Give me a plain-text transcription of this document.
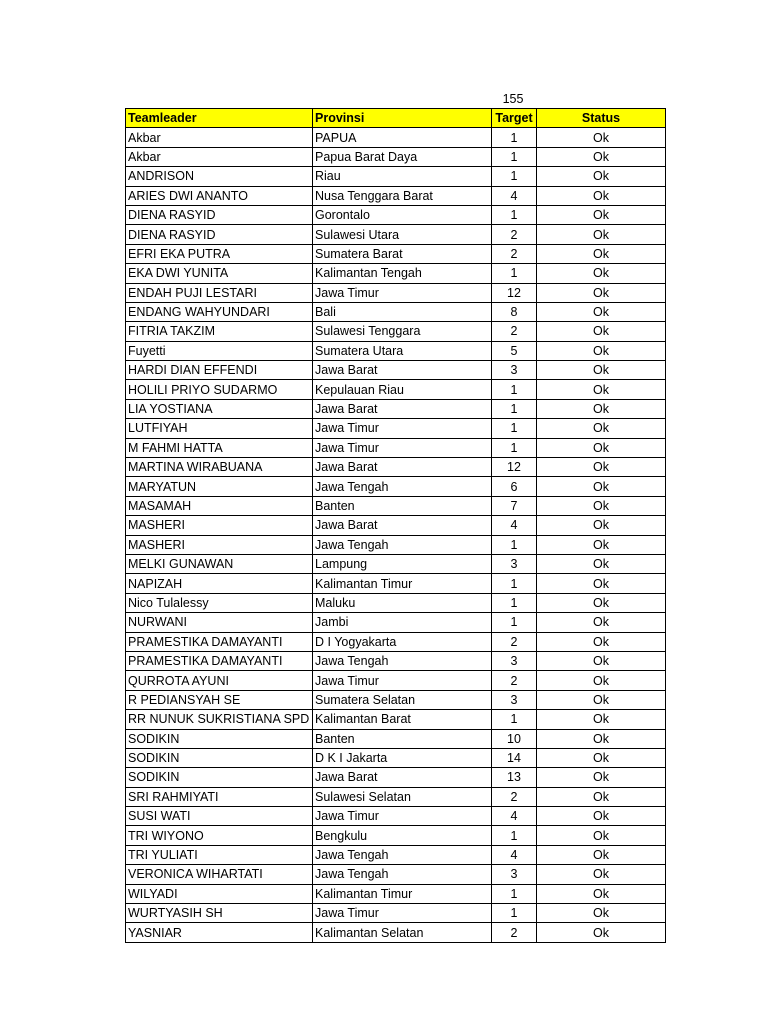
155
Teamleader	Provinsi	Target	Status
Akbar	PAPUA	1	Ok
Akbar	Papua Barat Daya	1	Ok
ANDRISON	Riau	1	Ok
ARIES DWI ANANTO	Nusa Tenggara Barat	4	Ok
DIENA RASYID	Gorontalo	1	Ok
DIENA RASYID	Sulawesi Utara	2	Ok
EFRI EKA PUTRA	Sumatera Barat	2	Ok
EKA DWI YUNITA	Kalimantan Tengah	1	Ok
ENDAH PUJI LESTARI	Jawa Timur	12	Ok
ENDANG WAHYUNDARI	Bali	8	Ok
FITRIA TAKZIM	Sulawesi Tenggara	2	Ok
Fuyetti	Sumatera Utara	5	Ok
HARDI DIAN EFFENDI	Jawa Barat	3	Ok
HOLILI PRIYO SUDARMO	Kepulauan Riau	1	Ok
LIA YOSTIANA	Jawa Barat	1	Ok
LUTFIYAH	Jawa Timur	1	Ok
M FAHMI HATTA	Jawa Timur	1	Ok
MARTINA WIRABUANA	Jawa Barat	12	Ok
MARYATUN	Jawa Tengah	6	Ok
MASAMAH	Banten	7	Ok
MASHERI	Jawa Barat	4	Ok
MASHERI	Jawa Tengah	1	Ok
MELKI GUNAWAN	Lampung	3	Ok
NAPIZAH	Kalimantan Timur	1	Ok
Nico Tulalessy	Maluku	1	Ok
NURWANI	Jambi	1	Ok
PRAMESTIKA DAMAYANTI	D I Yogyakarta	2	Ok
PRAMESTIKA DAMAYANTI	Jawa Tengah	3	Ok
QURROTA AYUNI	Jawa Timur	2	Ok
R PEDIANSYAH SE	Sumatera Selatan	3	Ok
RR NUNUK SUKRISTIANA SPD	Kalimantan Barat	1	Ok
SODIKIN	Banten	10	Ok
SODIKIN	D K I Jakarta	14	Ok
SODIKIN	Jawa Barat	13	Ok
SRI RAHMIYATI	Sulawesi Selatan	2	Ok
SUSI WATI	Jawa Timur	4	Ok
TRI WIYONO	Bengkulu	1	Ok
TRI YULIATI	Jawa Tengah	4	Ok
VERONICA WIHARTATI	Jawa Tengah	3	Ok
WILYADI	Kalimantan Timur	1	Ok
WURTYASIH SH	Jawa Timur	1	Ok
YASNIAR	Kalimantan Selatan	2	Ok
